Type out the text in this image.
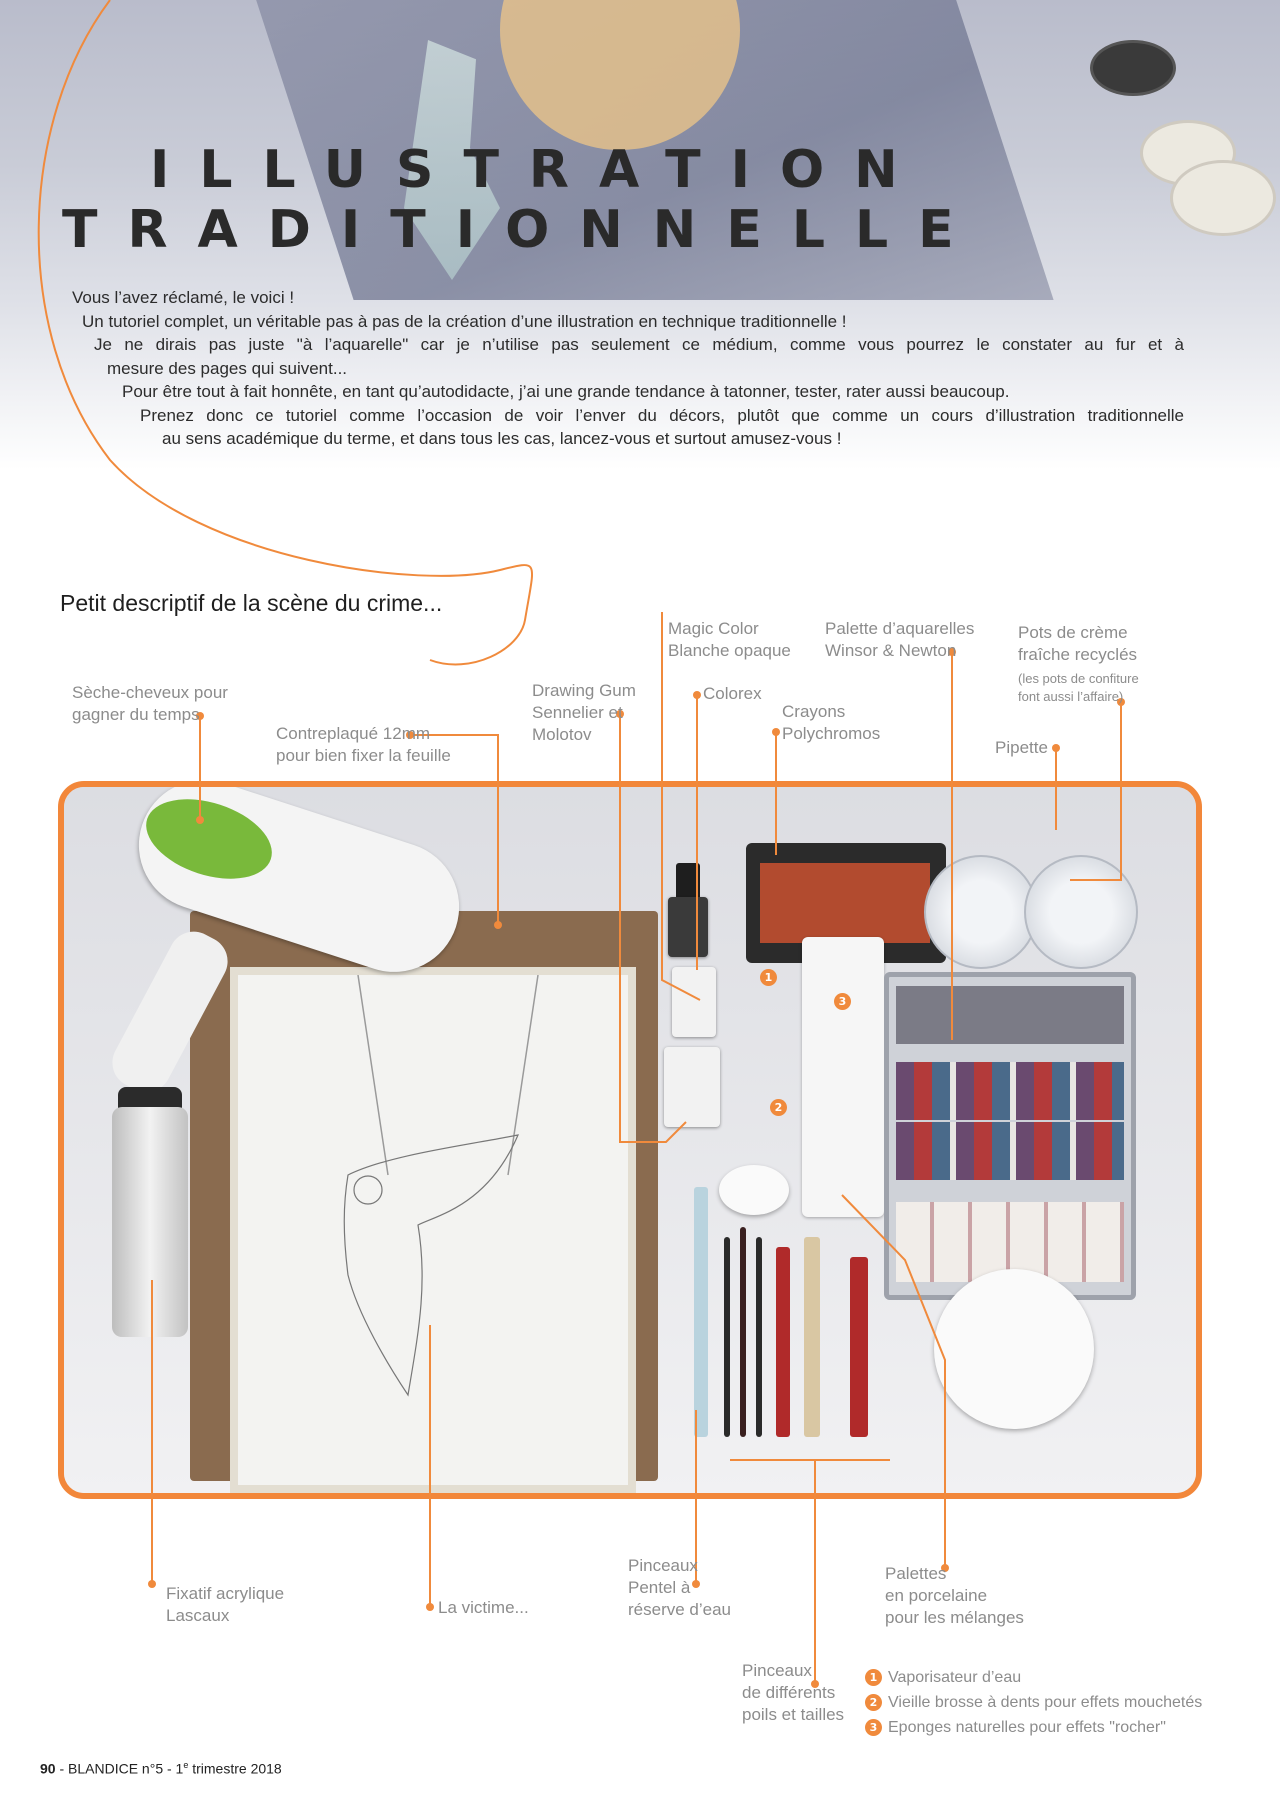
ILLUSTRATION
TRADITIONNELLE

Vous l’avez réclamé, le voici !

Un tutoriel complet, un véritable pas à pas de la création d’une illustration en technique traditionnelle !

Je ne dirais pas juste "à l’aquarelle" car je n’utilise pas seulement ce médium, comme vous pourrez le constater au fur et à

mesure des pages qui suivent...

Pour être tout à fait honnête, en tant qu’autodidacte, j’ai une grande tendance à tatonner, tester, rater aussi beaucoup.

Prenez donc ce tutoriel comme l’occasion de voir l’enver du décors, plutôt que comme un cours d’illustration traditionnelle

au sens académique du terme, et dans tous les cas, lancez-vous et surtout amusez-vous !

Petit descriptif de la scène du crime...
1
2
3
Sèche-cheveux pour
gagner du temps
Contreplaqué 12mm
pour bien fixer la feuille
Drawing Gum
Sennelier et
Molotov
Magic Color
Blanche opaque
Colorex
Crayons
Polychromos
Palette d’aquarelles
Winsor & Newton
Pots de crème
fraîche recyclés
(les pots de confiture
font aussi l’affaire)
Pipette
Fixatif acrylique
Lascaux	La victime...
Pinceaux
Pentel à
réserve d’eau
Palettes
en porcelaine
pour les mélanges
Pinceaux
de différents
poils et tailles
1 Vaporisateur d’eau
2 Vieille brosse à dents pour effets mouchetés
3 Eponges naturelles pour effets "rocher"
90 - BLANDICE n°5 - 1e trimestre 2018
